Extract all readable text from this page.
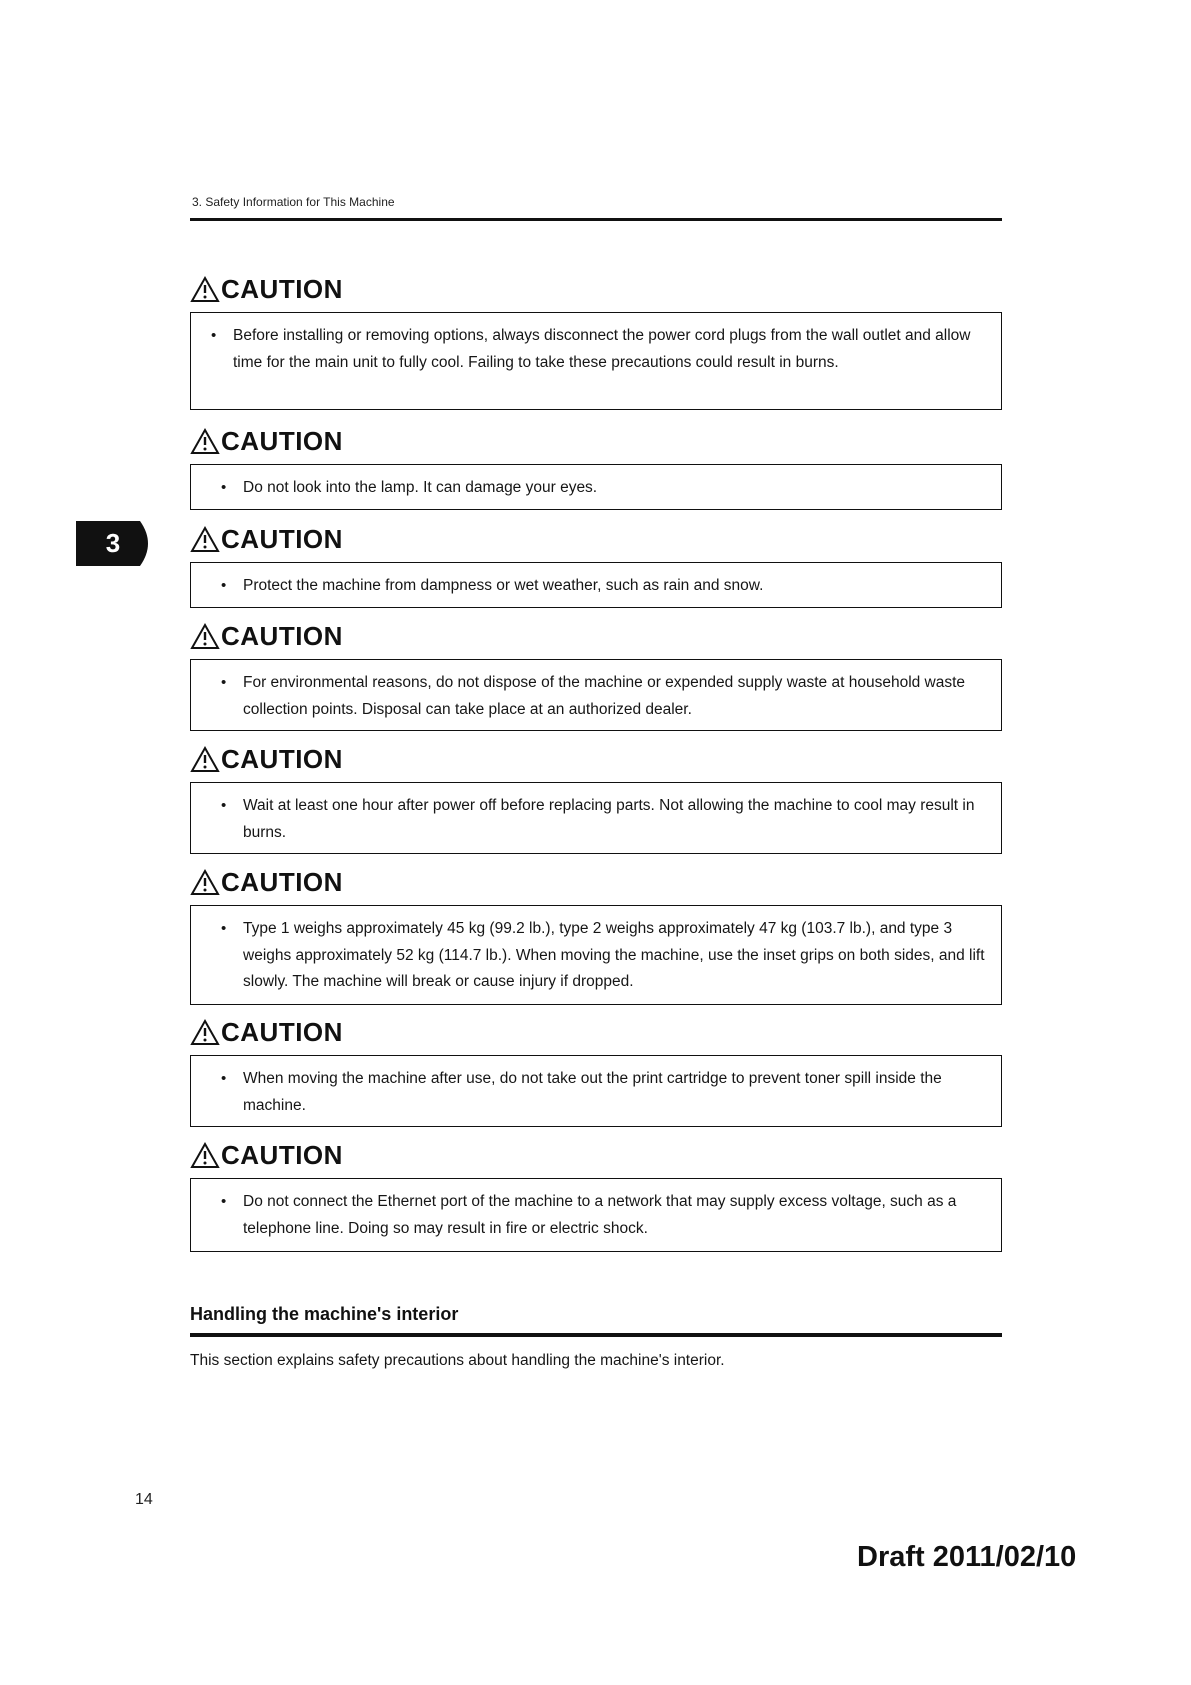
3. Safety Information for This Machine
3
CAUTION
• Before installing or removing options, always disconnect the power cord plugs from the wall outlet and allow time for the main unit to fully cool. Failing to take these precautions could result in burns.
CAUTION
• Do not look into the lamp. It can damage your eyes.
CAUTION
• Protect the machine from dampness or wet weather, such as rain and snow.
CAUTION
• For environmental reasons, do not dispose of the machine or expended supply waste at household waste collection points. Disposal can take place at an authorized dealer.
CAUTION
• Wait at least one hour after power off before replacing parts. Not allowing the machine to cool may result in burns.
CAUTION
• Type 1 weighs approximately 45 kg (99.2 lb.), type 2 weighs approximately 47 kg (103.7 lb.), and type 3 weighs approximately 52 kg (114.7 lb.). When moving the machine, use the inset grips on both sides, and lift slowly. The machine will break or cause injury if dropped.
CAUTION
• When moving the machine after use, do not take out the print cartridge to prevent toner spill inside the machine.
CAUTION
• Do not connect the Ethernet port of the machine to a network that may supply excess voltage, such as a telephone line. Doing so may result in fire or electric shock.
Handling the machine's interior
This section explains safety precautions about handling the machine's interior.
14
Draft 2011/02/10
